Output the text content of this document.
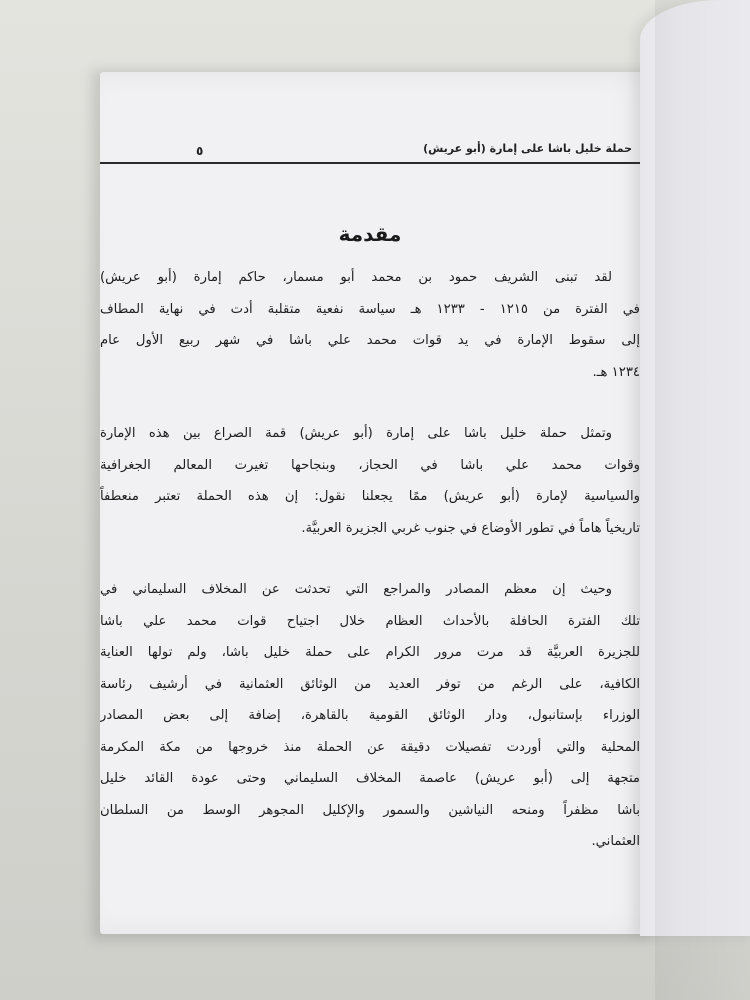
حملة خليل باشا على إمارة (أبو عريش)
٥
مقدمة
لقد تبنى الشريف حمود بن محمد أبو مسمار، حاكم إمارة (أبو عريش)
في الفترة من ١٢١٥ - ١٢٣٣ هـ سياسة نفعية متقلبة أدت في نهاية المطاف
إلى سقوط الإمارة في يد قوات محمد علي باشا في شهر ربيع الأول عام
١٢٣٤ هـ.
وتمثل حملة خليل باشا على إمارة (أبو عريش) قمة الصراع بين هذه الإمارة
وقوات محمد علي باشا في الحجاز، وبنجاحها تغيرت المعالم الجغرافية
والسياسية لإمارة (أبو عريش) ممًا يجعلنا نقول: إن هذه الحملة تعتبر منعطفاً
تاريخياً هاماً في تطور الأوضاع في جنوب غربي الجزيرة العربيَّة.
وحيث إن معظم المصادر والمراجع التي تحدثت عن المخلاف السليماني في
تلك الفترة الحافلة بالأحداث العظام خلال اجتياح قوات محمد علي باشا
للجزيرة العربيَّة قد مرت مرور الكرام على حملة خليل باشا، ولم تولها العناية
الكافية، على الرغم من توفر العديد من الوثائق العثمانية في أرشيف رئاسة
الوزراء بإستانبول، ودار الوثائق القومية بالقاهرة، إضافة إلى بعض المصادر
المحلية والتي أوردت تفصيلات دقيقة عن الحملة منذ خروجها من مكة المكرمة
متجهة إلى (أبو عريش) عاصمة المخلاف السليماني وحتى عودة القائد خليل
باشا مظفراً ومنحه النياشين والسمور والإكليل المجوهر الوسط من السلطان
العثماني.
